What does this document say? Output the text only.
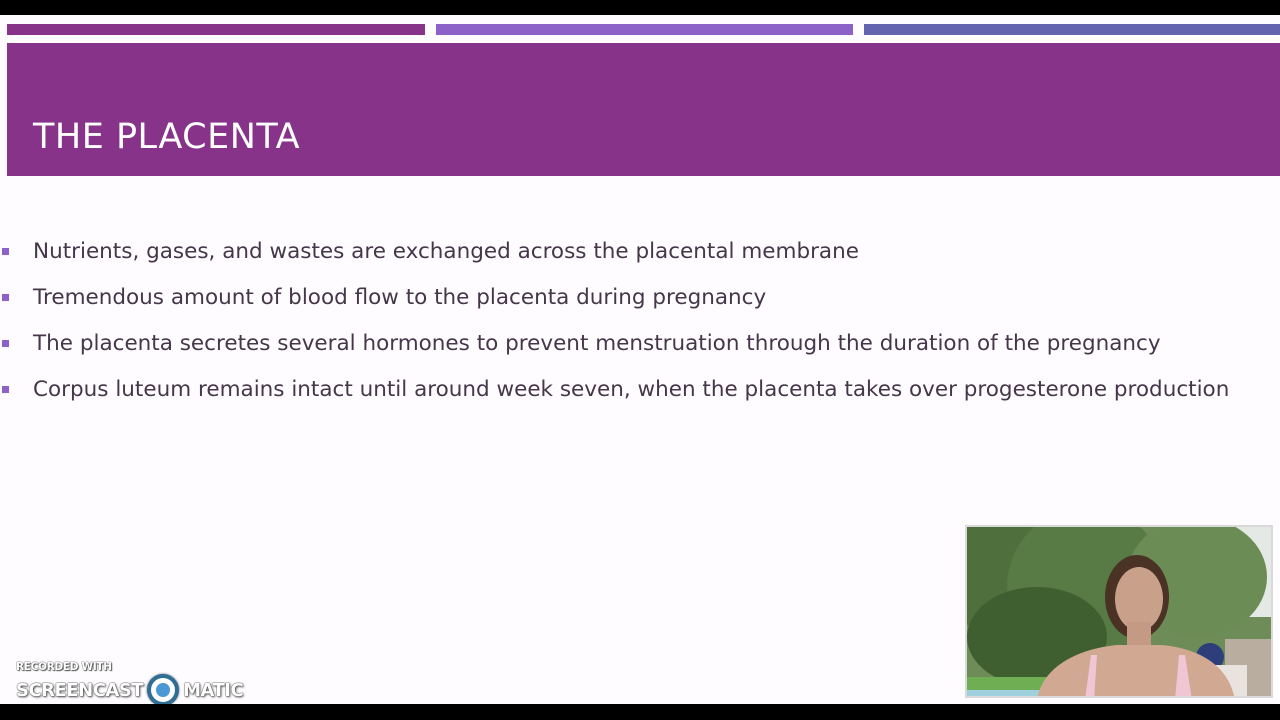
THE PLACENTA
Nutrients, gases, and wastes are exchanged across the placental membrane
Tremendous amount of blood flow to the placenta during pregnancy
The placenta secretes several hormones to prevent menstruation through the duration of the pregnancy
Corpus luteum remains intact until around week seven, when the placenta takes over progesterone production
RECORDED WITH
SCREENCAST MATIC
